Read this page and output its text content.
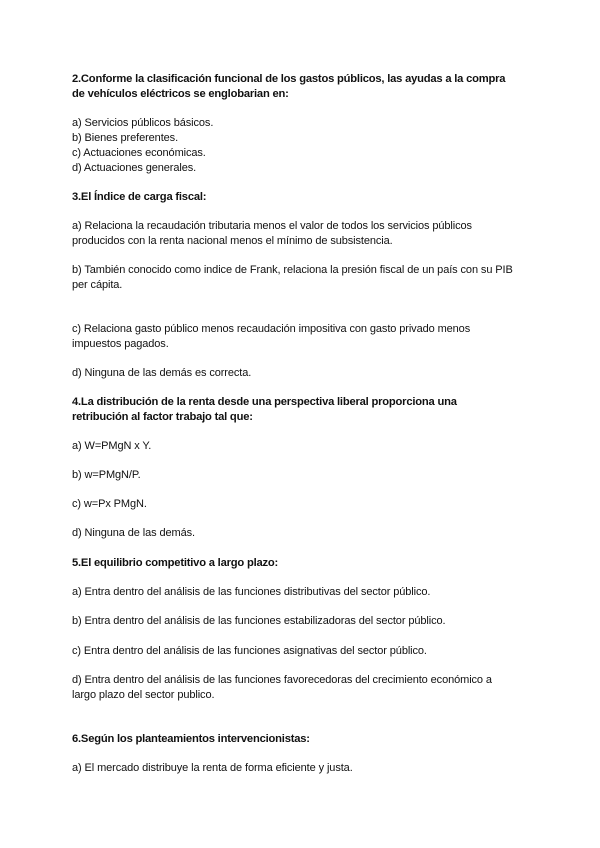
2.Conforme la clasificación funcional de los gastos públicos, las ayudas a la compra
de vehículos eléctricos se englobarian en:

a) Servicios públicos básicos.

b) Bienes preferentes.

c) Actuaciones económicas.

d) Actuaciones generales.

3.El Índice de carga fiscal:

a) Relaciona la recaudación tributaria menos el valor de todos los servicios públicos
producidos con la renta nacional menos el mínimo de subsistencia.

b) También conocido como indice de Frank, relaciona la presión fiscal de un país con su PIB
per cápita.

c) Relaciona gasto público menos recaudación impositiva con gasto privado menos
impuestos pagados.

d) Ninguna de las demás es correcta.

4.La distribución de la renta desde una perspectiva liberal proporciona una
retribución al factor trabajo tal que:

a) W=PMgN x Y.

b) w=PMgN/P.

c) w=Px PMgN.

d) Ninguna de las demás.

5.El equilibrio competitivo a largo plazo:

a) Entra dentro del análisis de las funciones distributivas del sector público.

b) Entra dentro del análisis de las funciones estabilizadoras del sector público.

c) Entra dentro del análisis de las funciones asignativas del sector público.

d) Entra dentro del análisis de las funciones favorecedoras del crecimiento económico a
largo plazo del sector publico.

6.Según los planteamientos intervencionistas:

a) El mercado distribuye la renta de forma eficiente y justa.
